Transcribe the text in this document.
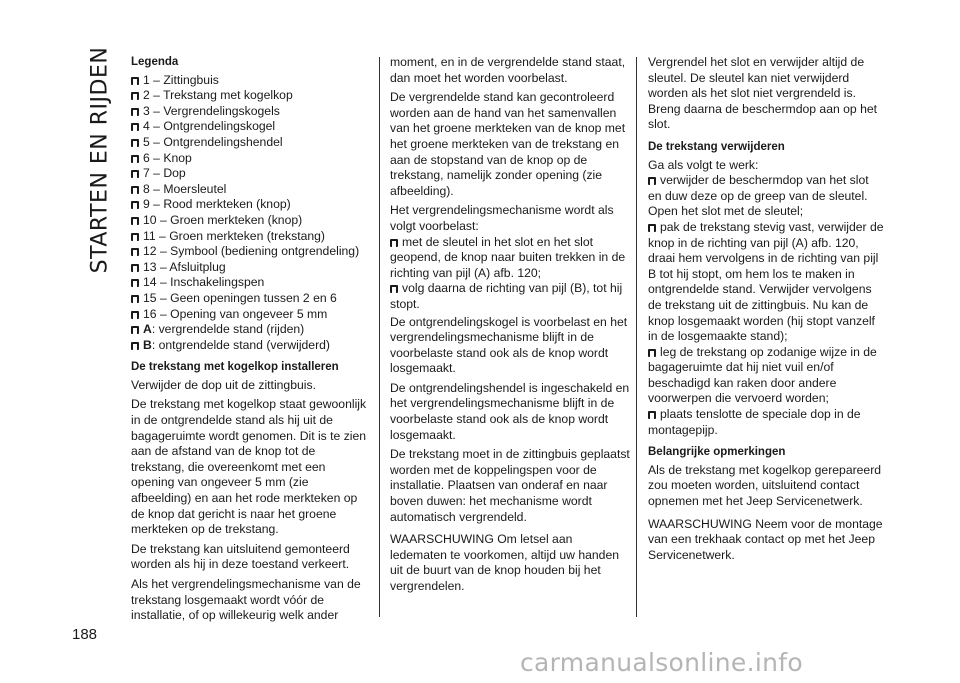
STARTEN EN RIJDEN Legenda
1 – Zittingbuis
2 – Trekstang met kogelkop
3 – Vergrendelingskogels
4 – Ontgrendelingskogel
5 – Ontgrendelingshendel
6 – Knop
7 – Dop
8 – Moersleutel
9 – Rood merkteken (knop)
10 – Groen merkteken (knop)
11 – Groen merkteken (trekstang)
12 – Symbool (bediening ontgrendeling)
13 – Afsluitplug
14 – Inschakelingspen
15 – Geen openingen tussen 2 en 6
16 – Opening van ongeveer 5 mm
A: vergrendelde stand (rijden)
B: ontgrendelde stand (verwijderd)
De trekstang met kogelkop installeren

Verwijder de dop uit de zittingbuis.

De trekstang met kogelkop staat gewoonlijk in de ontgrendelde stand als hij uit de bagageruimte wordt genomen. Dit is te zien aan de afstand van de knop tot de trekstang, die overeenkomt met een opening van ongeveer 5 mm (zie afbeelding) en aan het rode merkteken op de knop dat gericht is naar het groene merkteken op de trekstang.

De trekstang kan uitsluitend gemonteerd worden als hij in deze toestand verkeert.

Als het vergrendelingsmechanisme van de trekstang losgemaakt wordt vóór de installatie, of op willekeurig welk ander

moment, en in de vergrendelde stand staat, dan moet het worden voorbelast.

De vergrendelde stand kan gecontroleerd worden aan de hand van het samenvallen van het groene merkteken van de knop met het groene merkteken van de trekstang en aan de stopstand van de knop op de trekstang, namelijk zonder opening (zie afbeelding).

Het vergrendelingsmechanisme wordt als volgt voorbelast:

met de sleutel in het slot en het slot geopend, de knop naar buiten trekken in de richting van pijl (A) afb. 120;
volg daarna de richting van pijl (B), tot hij stopt.

De ontgrendelingskogel is voorbelast en het vergrendelingsmechanisme blijft in de voorbelaste stand ook als de knop wordt losgemaakt.

De ontgrendelingshendel is ingeschakeld en het vergrendelingsmechanisme blijft in de voorbelaste stand ook als de knop wordt losgemaakt.

De trekstang moet in de zittingbuis geplaatst worden met de koppelingspen voor de installatie. Plaatsen van onderaf en naar boven duwen: het mechanisme wordt automatisch vergrendeld.

WAARSCHUWING Om letsel aan ledematen te voorkomen, altijd uw handen uit de buurt van de knop houden bij het vergrendelen.

Vergrendel het slot en verwijder altijd de sleutel. De sleutel kan niet verwijderd worden als het slot niet vergrendeld is. Breng daarna de beschermdop aan op het slot.

De trekstang verwijderen

Ga als volgt te werk:

verwijder de beschermdop van het slot en duw deze op de greep van de sleutel. Open het slot met de sleutel;
pak de trekstang stevig vast, verwijder de knop in de richting van pijl (A) afb. 120, draai hem vervolgens in de richting van pijl B tot hij stopt, om hem los te maken in ontgrendelde stand. Verwijder vervolgens de trekstang uit de zittingbuis. Nu kan de knop losgemaakt worden (hij stopt vanzelf in de losgemaakte stand);
leg de trekstang op zodanige wijze in de bagageruimte dat hij niet vuil en/of beschadigd kan raken door andere voorwerpen die vervoerd worden;
plaats tenslotte de speciale dop in de montagepijp.
Belangrijke opmerkingen

Als de trekstang met kogelkop gerepareerd zou moeten worden, uitsluitend contact opnemen met het Jeep Servicenetwerk.

WAARSCHUWING Neem voor de montage van een trekhaak contact op met het Jeep Servicenetwerk.

188
carmanualsonline.info
